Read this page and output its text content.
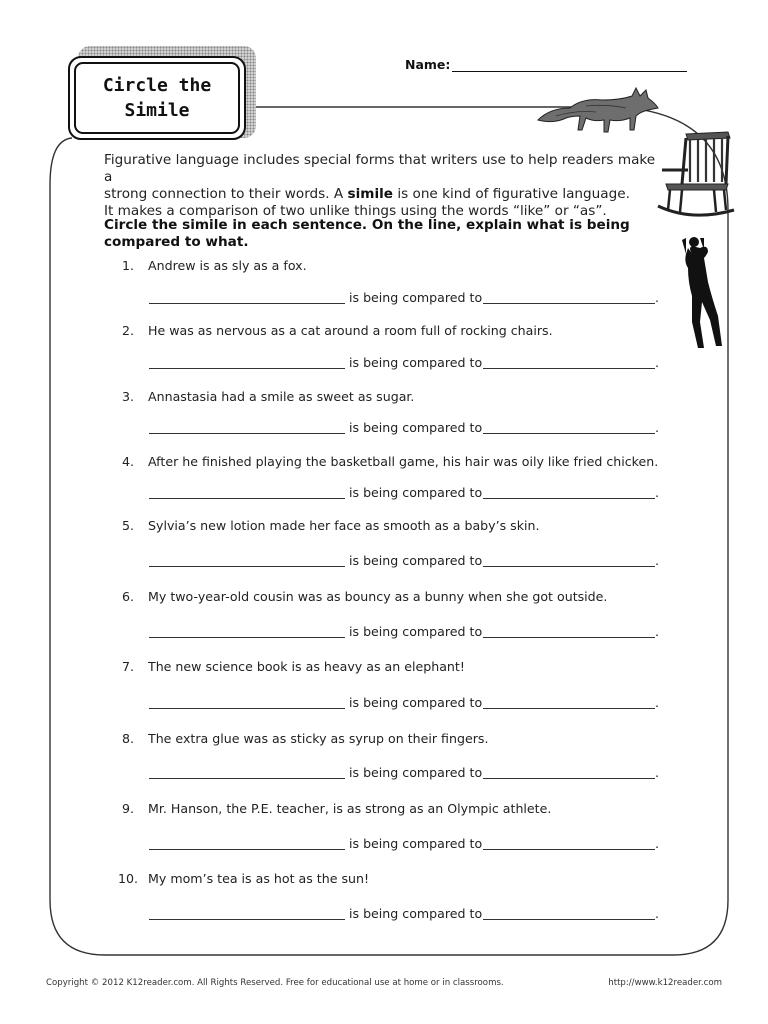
Circle the
Simile
Name:
Figurative language includes special forms that writers use to help readers make a
strong connection to their words. A simile is one kind of figurative language.
It makes a comparison of two unlike things using the words “like” or “as”.
Circle the simile in each sentence. On the line, explain what is being compared to what.
1. Andrew is as sly as a fox.
is being compared to	.
2. He was as nervous as a cat around a room full of rocking chairs.
is being compared to	.
3. Annastasia had a smile as sweet as sugar.
is being compared to	.
4. After he finished playing the basketball game, his hair was oily like fried chicken.
is being compared to	.
5. Sylvia’s new lotion made her face as smooth as a baby’s skin.
is being compared to	.
6. My two-year-old cousin was as bouncy as a bunny when she got outside.
is being compared to	.
7. The new science book is as heavy as an elephant!
is being compared to	.
8. The extra glue was as sticky as syrup on their fingers.
is being compared to	.
9. Mr. Hanson, the P.E. teacher, is as strong as an Olympic athlete.
is being compared to	.
10. My mom’s tea is as hot as the sun!
is being compared to	.
Copyright © 2012 K12reader.com. All Rights Reserved. Free for educational use at home or in classrooms.	http://www.k12reader.com
